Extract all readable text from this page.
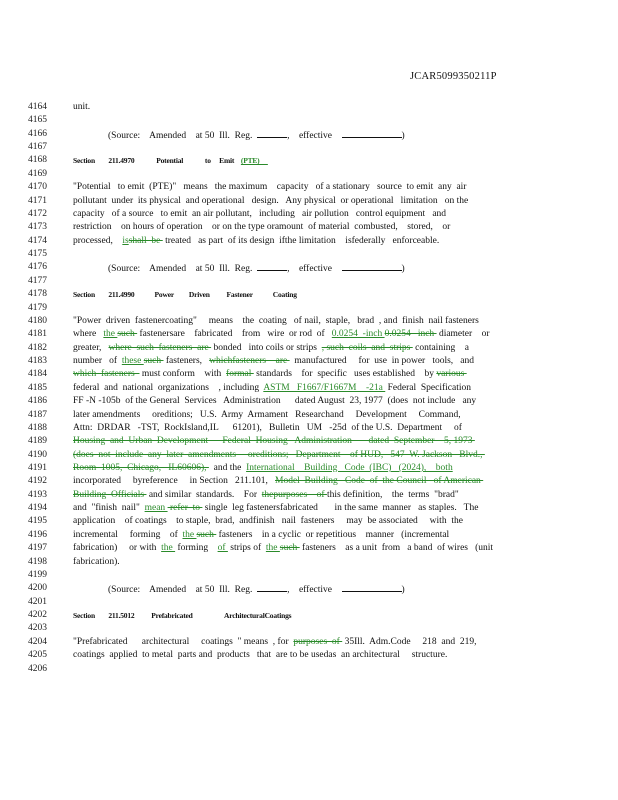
JCAR5099350211P
4164	unit.
4165
4166	(Source:    Amended    at 50  Ill.  Reg.	,    effective	)
4167
4168	Section        211.4970             Potential             to     Emit    (PTE)
4169
4170	"Potential   to emit  (PTE)"   means   the maximum    capacity   of a stationary   source  to emit  any  air
4171	pollutant  under  its physical  and operational   design.   Any physical  or operational   limitation   on the
4172	capacity   of a source   to emit  an air pollutant,   including   air pollution   control equipment   and
4173	restriction    on hours of operation    or on the type oramount  of material  combusted,    stored,    or
4174	processed,    isshall  be  treated   as part  of its design  ifthe limitation    isfederally   enforceable.
4175
4176	(Source:    Amended    at 50  Ill.  Reg.	,    effective	)
4177
4178	Section        211.4990            Power         Driven          Fastener            Coating
4179
4180	"Power  driven  fastenercoating"     means    the  coating   of nail,  staple,   brad  , and  finish  nail fasteners
4181	where   the such  fastenersare    fabricated    from   wire  or rod  of   0.0254  -inch 0.0254   inch  diameter    or
4182	greater,   where  such  fasteners  are  bonded   into coils or strips  , such  coils  and  strips  containing    a
4183	number   of  these such  fasteners,   whichfasteners    are   manufactured     for  use  in power   tools,   and
4184	which  fasteners   must conform    with  formal  standards    for  specific   uses established    by various
4185	federal  and  national  organizations    , including  ASTM   F1667/F1667M    -21a  Federal  Specification
4186	FF -N -105b  of the General  Services   Administration      dated August  23, 1977  (does  not include   any
4187	later amendments     oreditions;   U.S.  Army  Armament   Researchand     Development     Command,
4188	Attn:  DRDAR   -TST,  RockIsland,IL      61201),   Bulletin   UM   -25d  of the U.S.  Department     of
4189	Housing  and  Urban  Development      Federal  Housing   Administration       dated  September    5, 1973
4190	(does  not  include  any  later  amendments     oreditions;   Department    of HUD,   547  W. Jackson   Blvd.,
4191	Room  1005,  Chicago,   IL60606),   and the  International    Building   Code  (IBC)   (2024),    both
4192	incorporated     byreference     in Section   211.101,   Model  Building   Code  of  the Council   of American
4193	Building  Officials  and similar  standards.    For  thepurposes    of this definition,    the  terms  "brad"
4194	and  "finish  nail"  mean  refer  to  single  leg fastenersfabricated       in the same  manner   as staples.   The
4195	application    of coatings    to staple,  brad,  andfinish   nail  fasteners     may  be associated     with  the
4196	incremental     forming    of  the such  fasteners    in a cyclic  or repetitious    manner   (incremental
4197	fabrication)     or with  the  forming    of  strips of  the such  fasteners    as a unit  from   a band  of wires   (unit
4198	fabrication).
4199
4200	(Source:    Amended    at 50  Ill.  Reg.	,    effective	)
4201
4202	Section        211.5012          Prefabricated                   ArchitecturalCoatings
4203
4204	"Prefabricated      architectural     coatings  " means  , for  purposes  of  35Ill.  Adm.Code     218  and  219,
4205	coatings  applied  to metal  parts and  products   that  are to be usedas  an architectural     structure.
4206
